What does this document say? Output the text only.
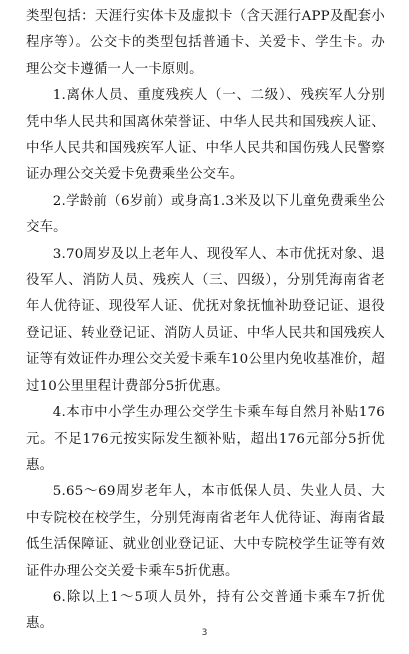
类型包括：天涯行实体卡及虚拟卡（含天涯行APP及配套小程序等）。公交卡的类型包括普通卡、关爱卡、学生卡。办理公交卡遵循一人一卡原则。

1.离休人员、重度残疾人（一、二级）、残疾军人分别凭中华人民共和国离休荣誉证、中华人民共和国残疾人证、中华人民共和国残疾军人证、中华人民共和国伤残人民警察证办理公交关爱卡免费乘坐公交车。

2.学龄前（6岁前）或身高1.3米及以下儿童免费乘坐公交车。

3.70周岁及以上老年人、现役军人、本市优抚对象、退役军人、消防人员、残疾人（三、四级），分别凭海南省老年人优待证、现役军人证、优抚对象抚恤补助登记证、退役登记证、转业登记证、消防人员证、中华人民共和国残疾人证等有效证件办理公交关爱卡乘车10公里内免收基准价，超过10公里里程计费部分5折优惠。

4.本市中小学生办理公交学生卡乘车每自然月补贴176元。不足176元按实际发生额补贴，超出176元部分5折优惠。

5.65～69周岁老年人，本市低保人员、失业人员、大中专院校在校学生，分别凭海南省老年人优待证、海南省最低生活保障证、就业创业登记证、大中专院校学生证等有效证件办理公交关爱卡乘车5折优惠。

6.除以上1～5项人员外，持有公交普通卡乘车7折优惠。

3
